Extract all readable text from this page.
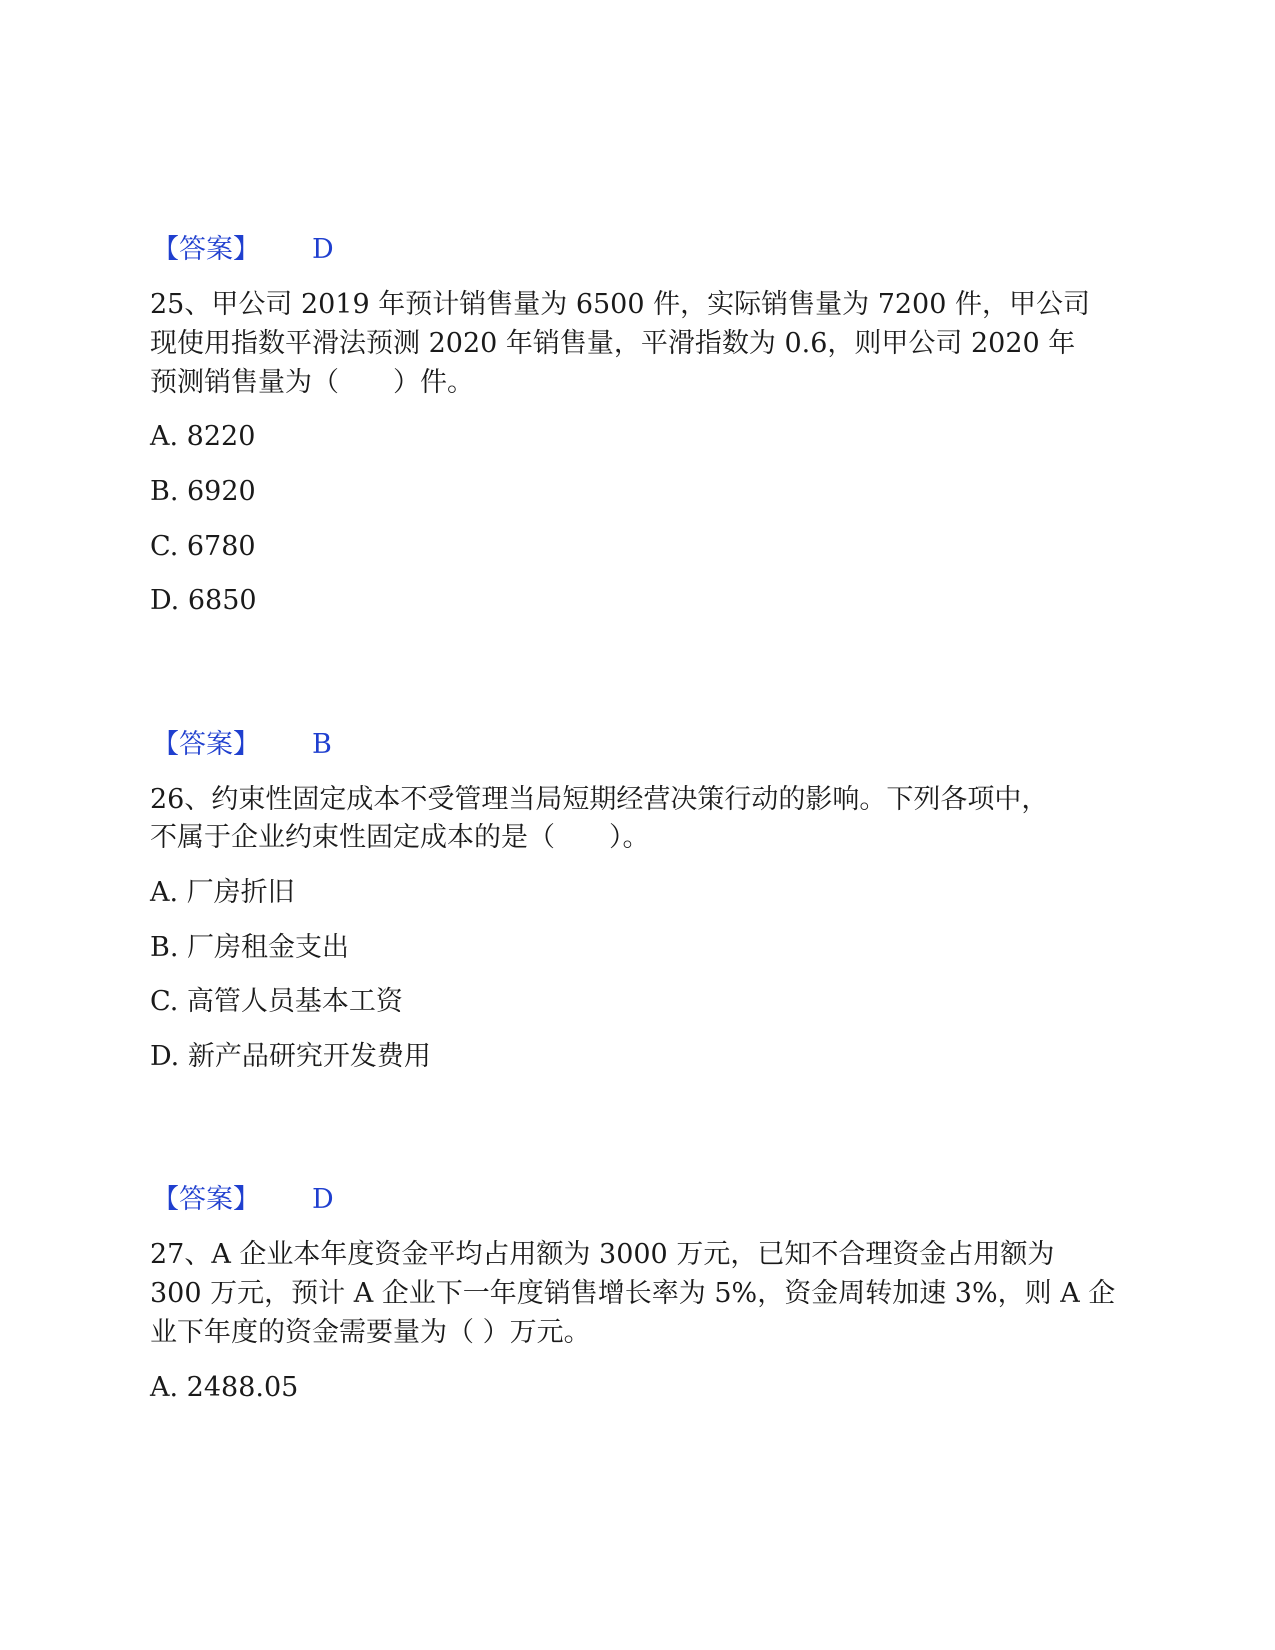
【答案】 D
25、甲公司 2019 年预计销售量为 6500 件，实际销售量为 7200 件，甲公司
现使用指数平滑法预测 2020 年销售量，平滑指数为 0.6，则甲公司 2020 年
预测销售量为（　　）件。
A. 8220
B. 6920
C. 6780
D. 6850
【答案】 B
26、约束性固定成本不受管理当局短期经营决策行动的影响。下列各项中，
不属于企业约束性固定成本的是（　　）。
A. 厂房折旧
B. 厂房租金支出
C. 高管人员基本工资
D. 新产品研究开发费用
【答案】 D
27、A 企业本年度资金平均占用额为 3000 万元，已知不合理资金占用额为
300 万元，预计 A 企业下一年度销售增长率为 5%，资金周转加速 3%，则 A 企
业下年度的资金需要量为（ ）万元。
A. 2488.05
